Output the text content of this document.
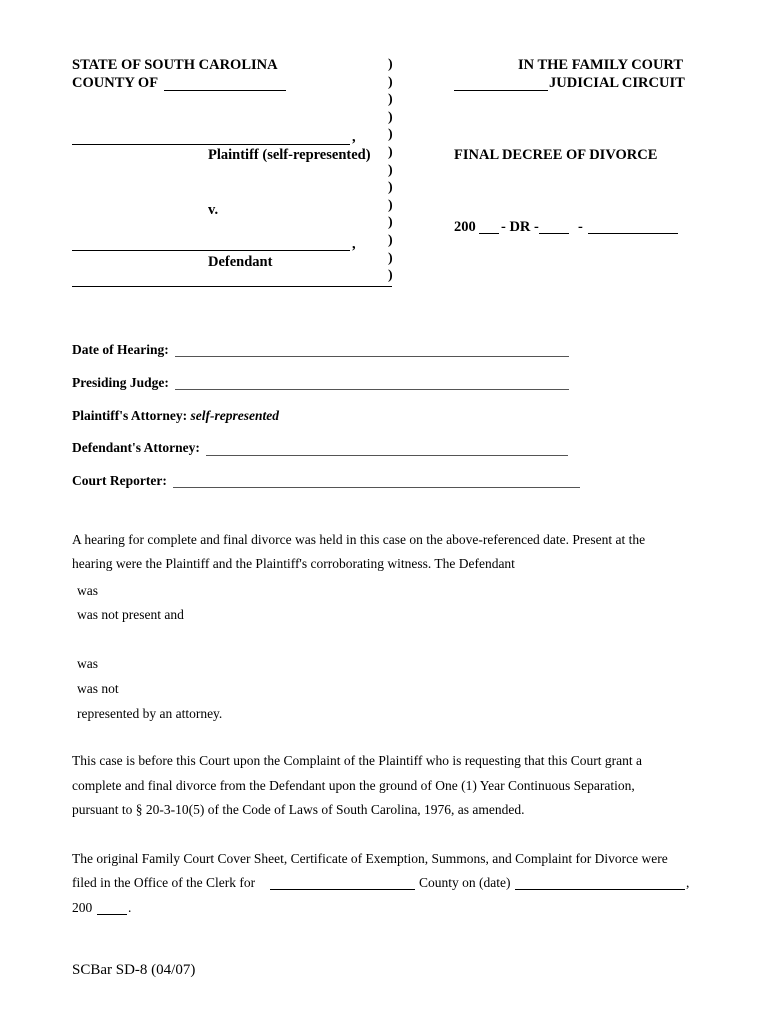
STATE OF SOUTH CAROLINA
COUNTY OF
,
Plaintiff (self-represented)
v.
,
Defendant
)
)
)
)
)
)
)
)
)
)
)
)
)
IN THE FAMILY COURT
JUDICIAL CIRCUIT
FINAL DECREE OF DIVORCE
200 - DR -	-
Date of Hearing:
Presiding Judge:
Plaintiff's Attorney: self-represented
Defendant's Attorney:
Court Reporter:
A hearing for complete and final divorce was held in this case on the above-referenced date. Present at the
hearing were the Plaintiff and the Plaintiff's corroborating witness. The Defendant
was
was not present and
was
was not
represented by an attorney.
This case is before this Court upon the Complaint of the Plaintiff who is requesting that this Court grant a
complete and final divorce from the Defendant upon the ground of One (1) Year Continuous Separation,
pursuant to § 20-3-10(5) of the Code of Laws of South Carolina, 1976, as amended.
The original Family Court Cover Sheet, Certificate of Exemption, Summons, and Complaint for Divorce were
filed in the Office of the Clerk for	County on (date)	,
200	.
SCBar SD-8 (04/07)
